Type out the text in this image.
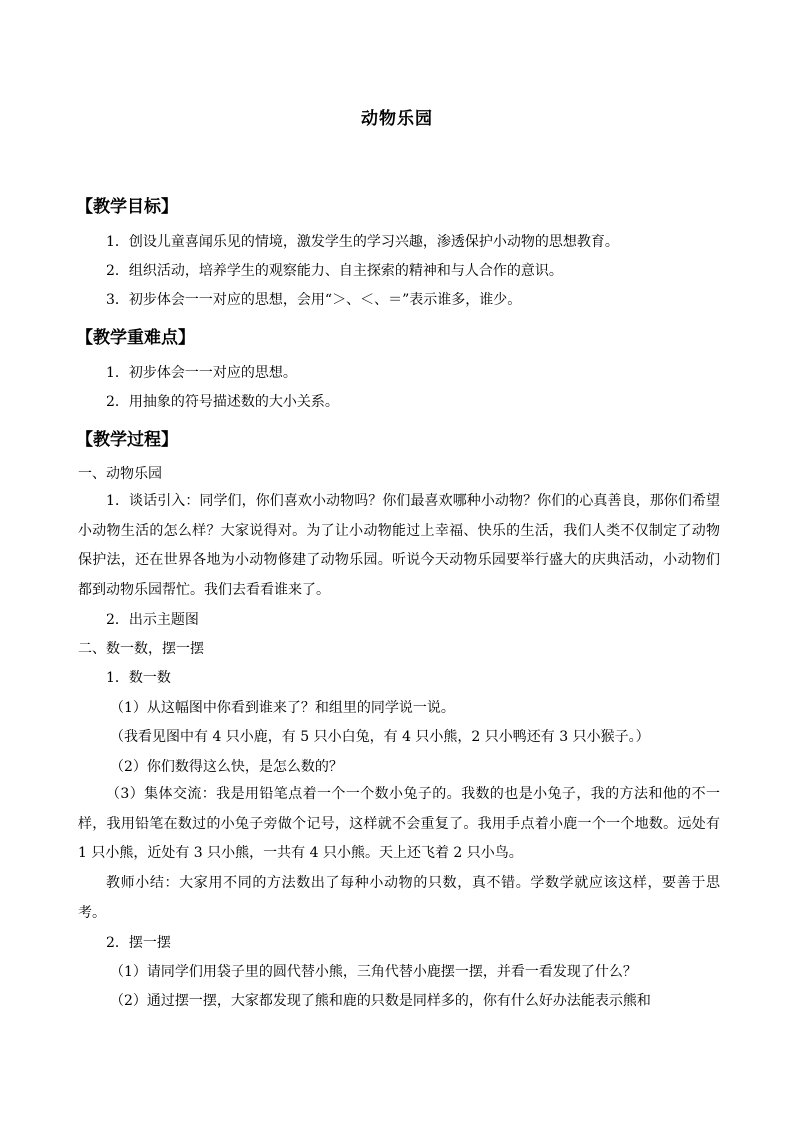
动物乐园
【教学目标】
1．创设儿童喜闻乐见的情境，激发学生的学习兴趣，渗透保护小动物的思想教育。
2．组织活动，培养学生的观察能力、自主探索的精神和与人合作的意识。
3．初步体会一一对应的思想，会用“＞、＜、＝”表示谁多，谁少。
【教学重难点】
1．初步体会一一对应的思想。
2．用抽象的符号描述数的大小关系。
【教学过程】
一、动物乐园

1．谈话引入：同学们，你们喜欢小动物吗？你们最喜欢哪种小动物？你们的心真善良，那你们希望小动物生活的怎么样？大家说得对。为了让小动物能过上幸福、快乐的生活，我们人类不仅制定了动物保护法，还在世界各地为小动物修建了动物乐园。听说今天动物乐园要举行盛大的庆典活动，小动物们都到动物乐园帮忙。我们去看看谁来了。

2．出示主题图
二、数一数，摆一摆
1．数一数
（1）从这幅图中你看到谁来了？和组里的同学说一说。
（我看见图中有 4 只小鹿，有 5 只小白兔，有 4 只小熊，2 只小鸭还有 3 只小猴子。）
（2）你们数得这么快，是怎么数的？

（3）集体交流：我是用铅笔点着一个一个数小兔子的。我数的也是小兔子，我的方法和他的不一样，我用铅笔在数过的小兔子旁做个记号，这样就不会重复了。我用手点着小鹿一个一个地数。远处有 1 只小熊，近处有 3 只小熊，一共有 4 只小熊。天上还飞着 2 只小鸟。

教师小结：大家用不同的方法数出了每种小动物的只数，真不错。学数学就应该这样，要善于思考。

2．摆一摆
（1）请同学们用袋子里的圆代替小熊，三角代替小鹿摆一摆，并看一看发现了什么？
（2）通过摆一摆，大家都发现了熊和鹿的只数是同样多的，你有什么好办法能表示熊和
